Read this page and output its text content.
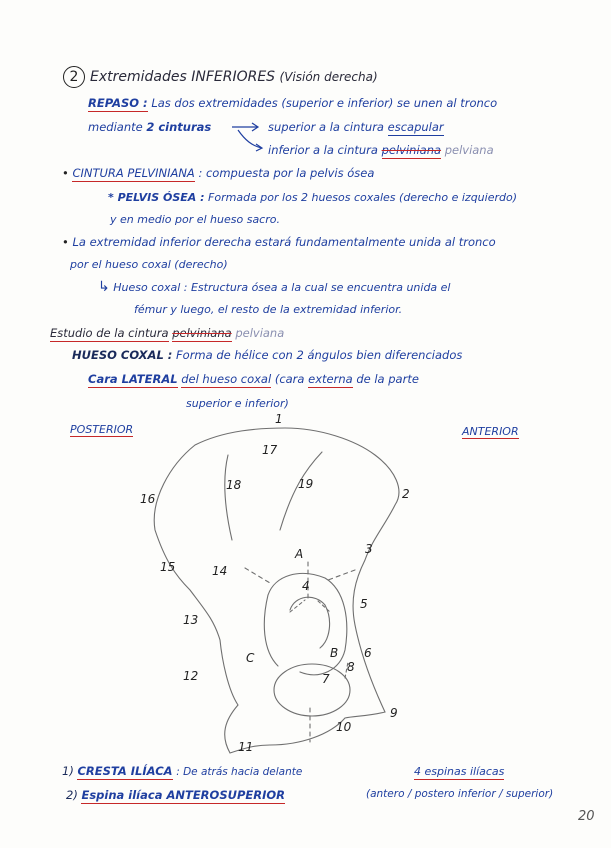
2 Extremidades INFERIORES (Visión derecha)
REPASO : Las dos extremidades (superior e inferior) se unen al tronco
mediante 2 cinturas	superior a la cintura escapular
inferior a la cintura pelviniana pelviana
• CINTURA PELVINIANA : compuesta por la pelvis ósea
* PELVIS ÓSEA : Formada por los 2 huesos coxales (derecho e izquierdo)
y en medio por el hueso sacro.
• La extremidad inferior derecha estará fundamentalmente unida al tronco
por el hueso coxal (derecho)
↳ Hueso coxal : Estructura ósea a la cual se encuentra unida el
fémur y luego, el resto de la extremidad inferior.
Estudio de la cintura pelviniana pelviana
HUESO COXAL : Forma de hélice con 2 ángulos bien diferenciados
Cara LATERAL del hueso coxal (cara externa de la parte
superior e inferior)
POSTERIOR	ANTERIOR
1
2
3
4
5
6
7
8
9
10
11
12
13
14
15
16
17
18	19
A
B
C
1) CRESTA ILÍACA : De atrás hacia delante
2) Espina ilíaca ANTEROSUPERIOR
4 espinas ilíacas
(antero / postero inferior / superior)
20
